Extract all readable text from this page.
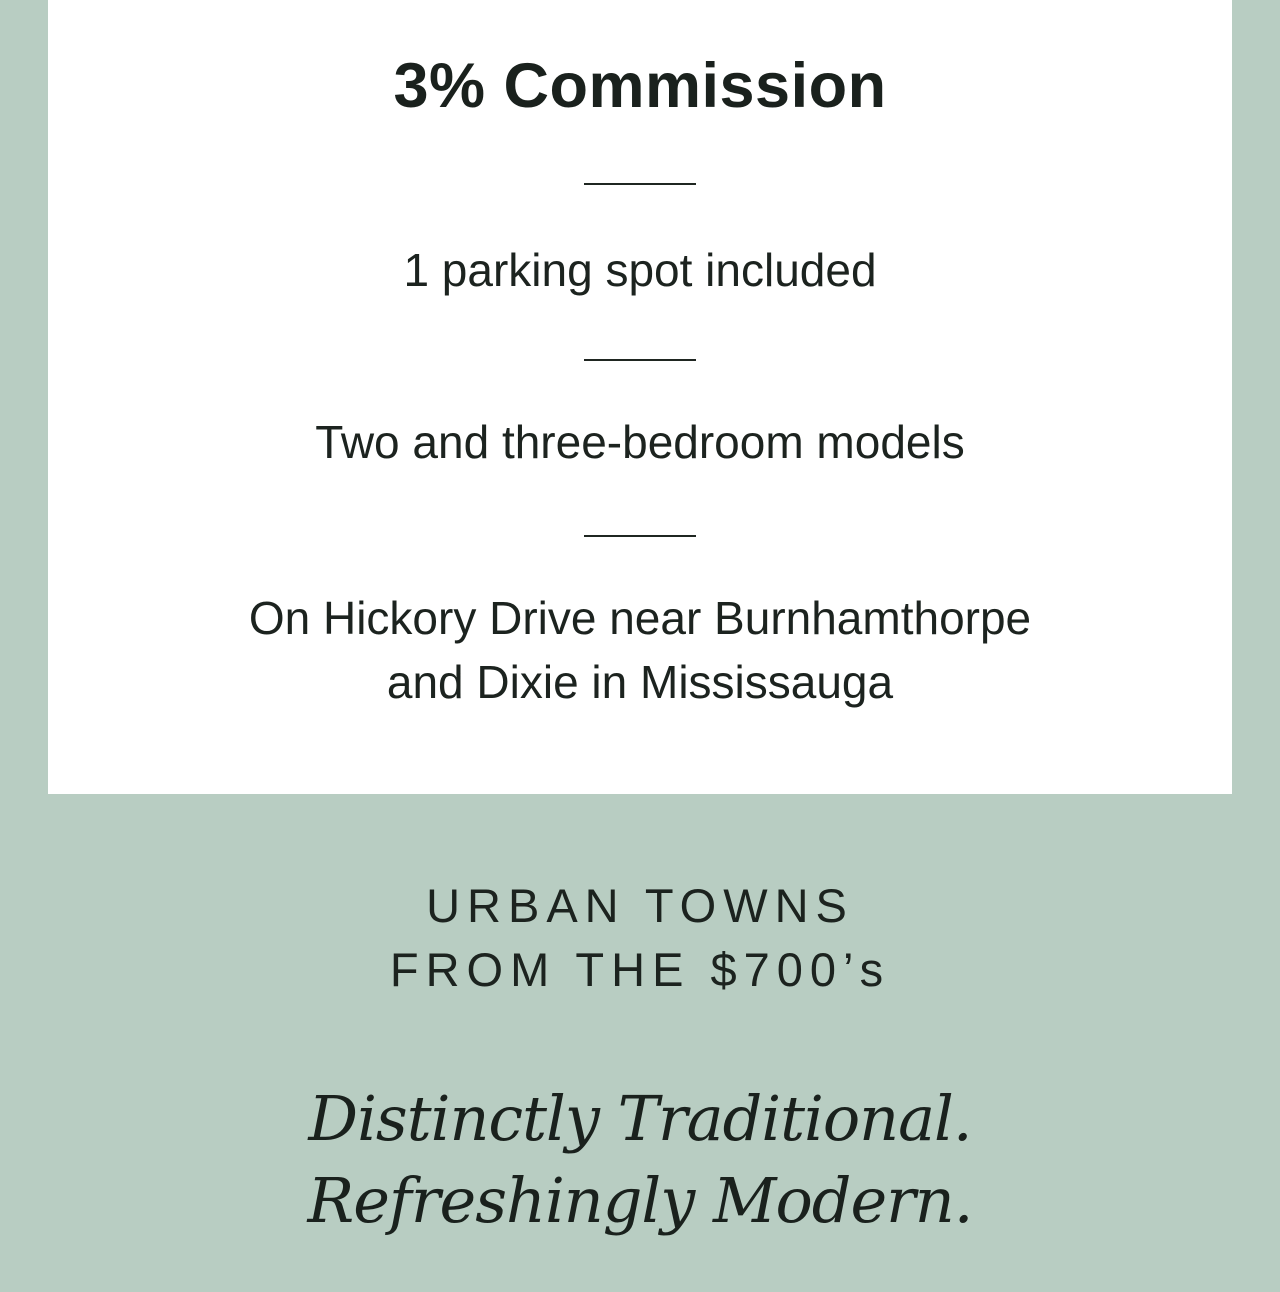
3% Commission
1 parking spot included
Two and three-bedroom models
On Hickory Drive near Burnhamthorpe
and Dixie in Mississauga
URBAN TOWNS
FROM THE $700’s
Distinctly Traditional.
Refreshingly Modern.
